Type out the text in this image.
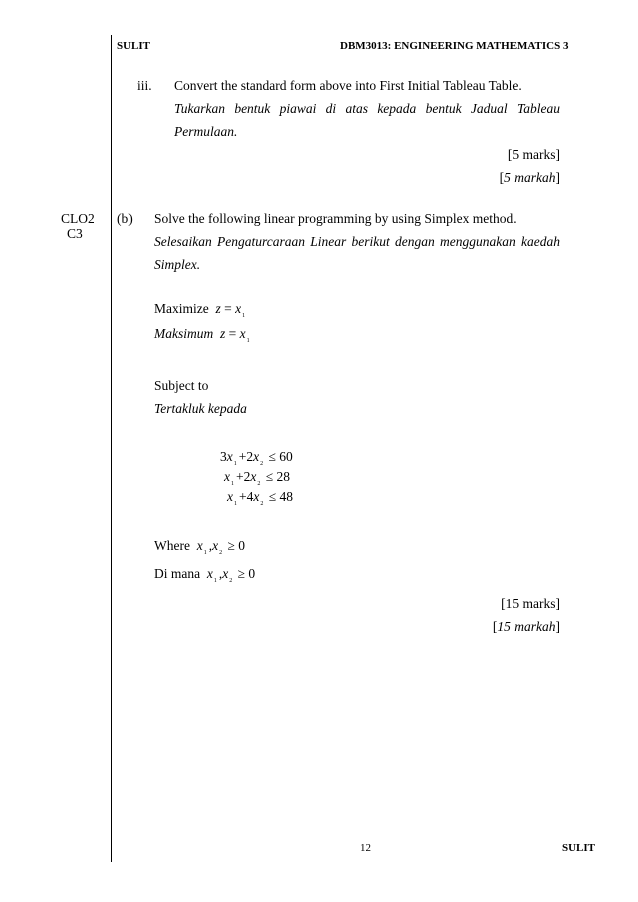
SULIT	DBM3013: ENGINEERING MATHEMATICS 3
iii. Convert the standard form above into First Initial Tableau Table.
Tukarkan bentuk piawai di atas kepada bentuk Jadual Tableau
Permulaan.
[5 marks]
[5 markah]
CLO2
C3
(b) Solve the following linear programming by using Simplex method.
Selesaikan Pengaturcaraan Linear berikut dengan menggunakan kaedah
Simplex.
Maximize $z = x_1$
Maksimum $z = x_1$
Subject to
Tertakluk kepada
$3x_1 +2x_2 \le 60$
$x_1 +2x_2 \le 28$
$x_1 +4x_2 \le 48$
Where $x_1$ $,x_2 \ge 0$
Di mana $x_1$ $,x_2 \ge 0$
[15 marks]
[15 markah]
12	SULIT
